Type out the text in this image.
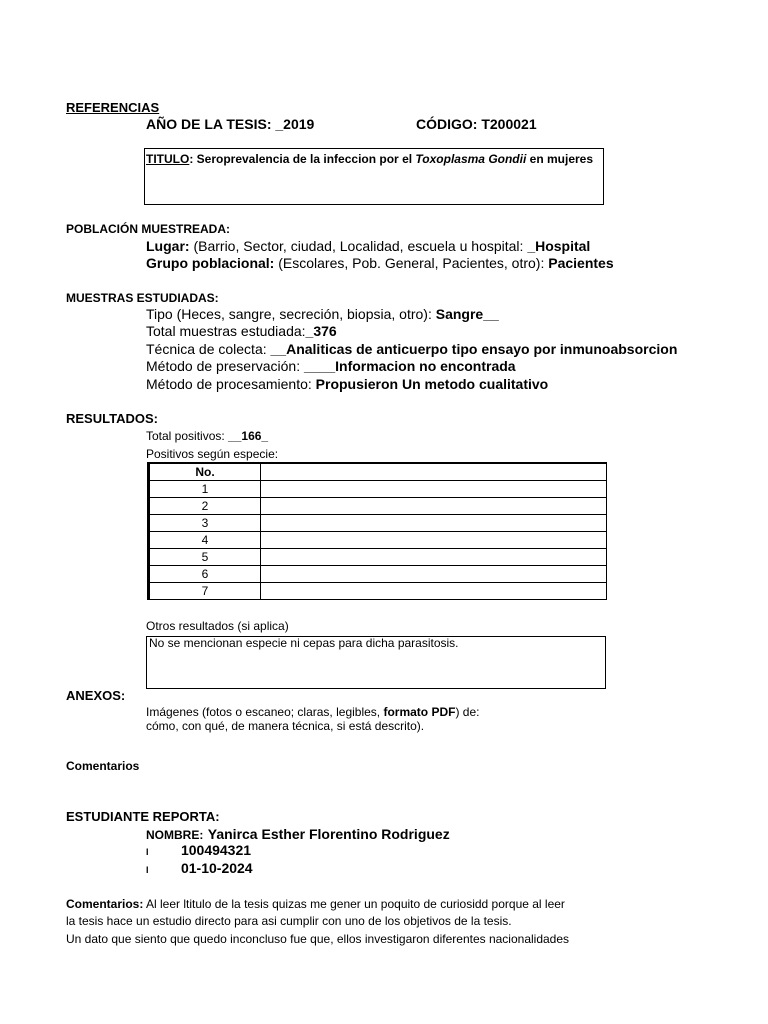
REFERENCIAS
AÑO DE LA TESIS: _2019	CÓDIGO: T200021
TITULO: Seroprevalencia de la infeccion por el Toxoplasma Gondii en mujeres
POBLACIÓN MUESTREADA:
Lugar: (Barrio, Sector, ciudad, Localidad, escuela u hospital: _Hospital
Grupo poblacional: (Escolares, Pob. General, Pacientes, otro): Pacientes
MUESTRAS ESTUDIADAS:
Tipo (Heces, sangre, secreción, biopsia, otro): Sangre__
Total muestras estudiada:_376
Técnica de colecta: __Analiticas de anticuerpo tipo ensayo por inmunoabsorcion
Método de preservación: ____Informacion no encontrada
Método de procesamiento: Propusieron Un metodo cualitativo
RESULTADOS:
Total positivos: __166_
Positivos según especie:
No.	
1	
2	
3	
4	
5	
6	
7	
Otros resultados (si aplica)
No se mencionan especie ni cepas para dicha parasitosis.
ANEXOS:
Imágenes (fotos o escaneo; claras, legibles, formato PDF) de:
cómo, con qué, de manera técnica, si está descrito).
Comentarios
ESTUDIANTE REPORTA:
NOMBRE: Yanirca Esther Florentino Rodriguez
I 100494321
I 01-10-2024
Comentarios: Al leer ltitulo de la tesis quizas me gener un poquito de curiosidd porque al leer
la tesis hace un estudio directo para asi cumplir con uno de los objetivos de la tesis.
Un dato que siento que quedo inconcluso fue que, ellos investigaron diferentes nacionalidades
